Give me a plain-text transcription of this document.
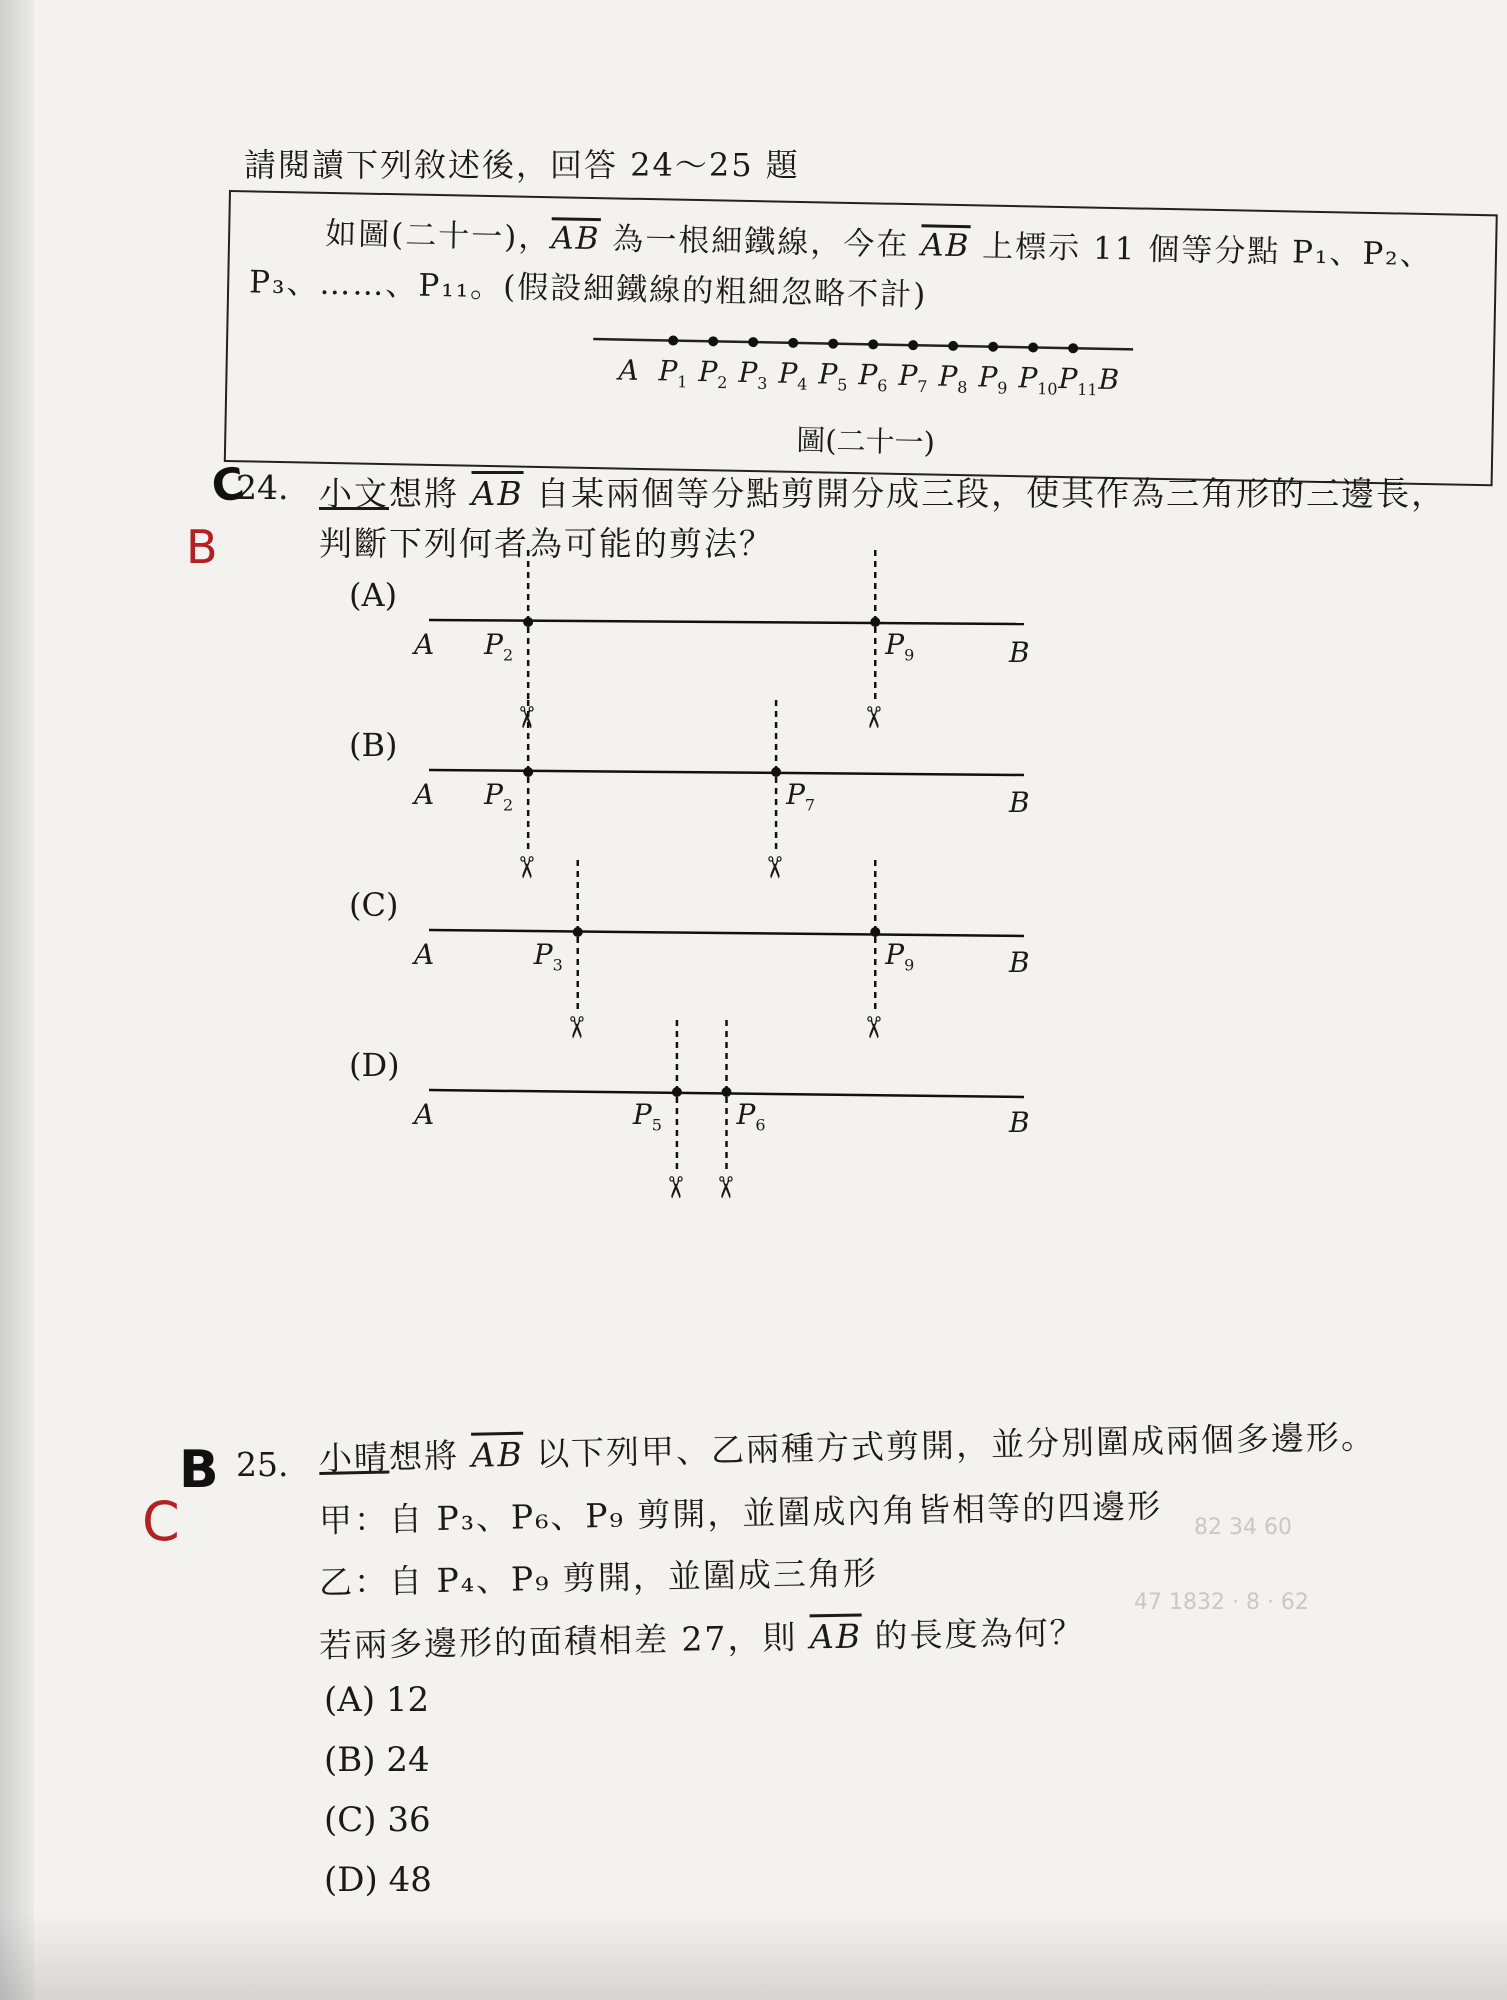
請閱讀下列敘述後，回答 24～25 題
如圖(二十一)，$\overline{AB}$ 為一根細鐵線，今在 $\overline{AB}$ 上標示 11 個等分點 P₁、P₂、
P₃、……、P₁₁。(假設細鐵線的粗細忽略不計)
A $P_1$ $P_2$ $P_3$ $P_4$ $P_5$ $P_6$ $P_7$ $P_8$ $P_9$ $P_{10}$ $P_{11}$ B
圖(二十一)
C
B
24. 小文想將 $\overline{AB}$ 自某兩個等分點剪開分成三段，使其作為三角形的三邊長，
判斷下列何者為可能的剪法？
(A)
$P_2$
✂
$P_9$
✂
A	B
(B)
$P_2$
✂
$P_7$
✂
A	B
(C)
$P_3$
✂
$P_9$
✂
A	B
(D)
$P_5$
✂
$P_6$
✂
A	B
82 34 60
47 1832 · 8 · 62
B
C
25. 小晴想將 $\overline{AB}$ 以下列甲、乙兩種方式剪開，並分別圍成兩個多邊形。
甲：自 P₃、P₆、P₉ 剪開，並圍成內角皆相等的四邊形
乙：自 P₄、P₉ 剪開，並圍成三角形
若兩多邊形的面積相差 27，則 $\overline{AB}$ 的長度為何？
(A) 12
(B) 24
(C) 36
(D) 48
